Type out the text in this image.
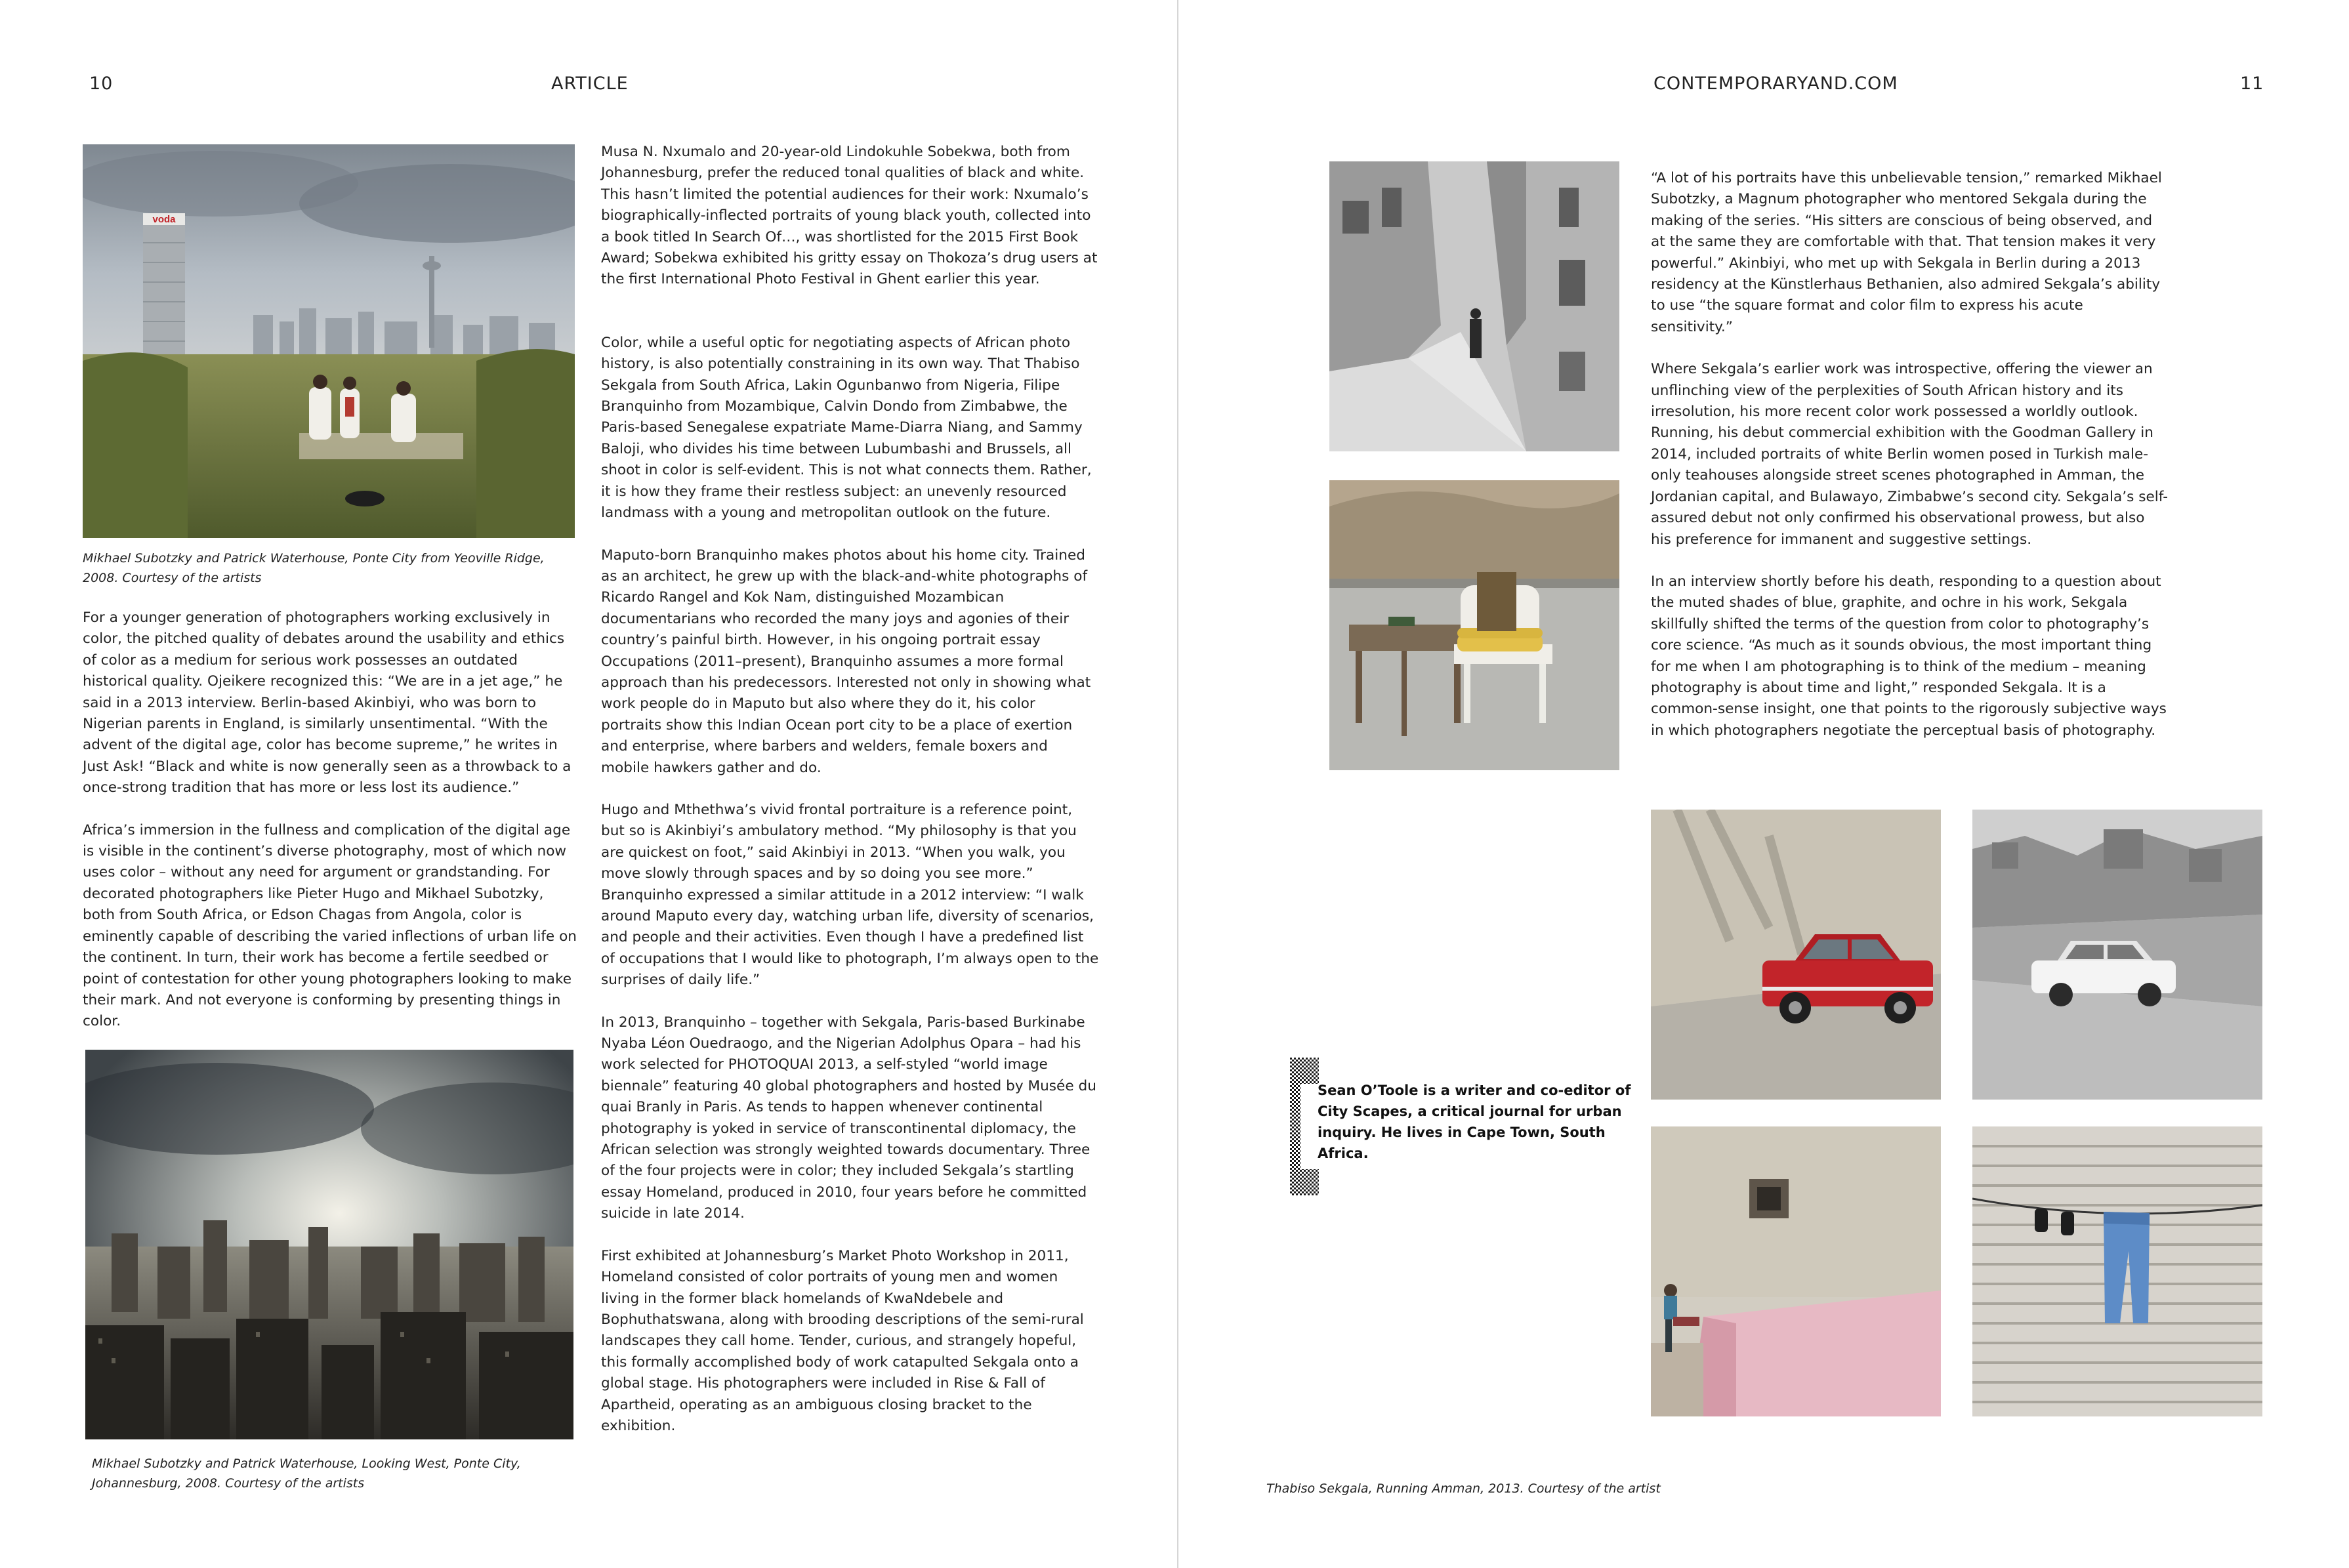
10	ARTICLE

voda

Mikhael Subotzky and Patrick Waterhouse, Ponte City from Yeoville Ridge, 2008. Courtesy of the artists

For a younger generation of photographers working exclusively in color, the pitched quality of debates around the usability and ethics of color as a medium for serious work possesses an outdated historical quality. Ojeikere recognized this: “We are in a jet age,” he said in a 2013 interview. Berlin-based Akinbiyi, who was born to Nigerian parents in England, is similarly unsentimental. “With the advent of the digital age, color has become supreme,” he writes in Just Ask! “Black and white is now generally seen as a throwback to a once-strong tradition that has more or less lost its audience.”

Africa’s immersion in the fullness and complication of the digital age is visible in the continent’s diverse photography, most of which now uses color – without any need for argument or grandstanding. For decorated photographers like Pieter Hugo and Mikhael Subotzky, both from South Africa, or Edson Chagas from Angola, color is eminently capable of describing the varied inflections of urban life on the continent. In turn, their work has become a fertile seedbed or point of contestation for other young photographers looking to make their mark. And not everyone is conforming by presenting things in color.

Mikhael Subotzky and Patrick Waterhouse, Looking West, Ponte City, Johannesburg, 2008. Courtesy of the artists

Musa N. Nxumalo and 20-year-old Lindokuhle Sobekwa, both from Johannesburg, prefer the reduced tonal qualities of black and white. This hasn’t limited the potential audiences for their work: Nxumalo’s biographically-inflected portraits of young black youth, collected into a book titled In Search Of…, was shortlisted for the 2015 First Book Award; Sobekwa exhibited his gritty essay on Thokoza’s drug users at the first International Photo Festival in Ghent earlier this year.

Color, while a useful optic for negotiating aspects of African photo history, is also potentially constraining in its own way. That Thabiso Sekgala from South Africa, Lakin Ogunbanwo from Nigeria, Filipe Branquinho from Mozambique, Calvin Dondo from Zimbabwe, the Paris-based Senegalese expatriate Mame-Diarra Niang, and Sammy Baloji, who divides his time between Lubumbashi and Brussels, all shoot in color is self-evident. This is not what connects them. Rather, it is how they frame their restless subject: an unevenly resourced landmass with a young and metropolitan outlook on the future.

Maputo-born Branquinho makes photos about his home city. Trained as an architect, he grew up with the black-and-white photographs of Ricardo Rangel and Kok Nam, distinguished Mozambican documentarians who recorded the many joys and agonies of their country’s painful birth. However, in his ongoing portrait essay Occupations (2011–present), Branquinho assumes a more formal approach than his predecessors. Interested not only in showing what work people do in Maputo but also where they do it, his color portraits show this Indian Ocean port city to be a place of exertion and enterprise, where barbers and welders, female boxers and mobile hawkers gather and do.

Hugo and Mthethwa’s vivid frontal portraiture is a reference point, but so is Akinbiyi’s ambulatory method. “My philosophy is that you are quickest on foot,” said Akinbiyi in 2013. “When you walk, you move slowly through spaces and by so doing you see more.” Branquinho expressed a similar attitude in a 2012 interview: “I walk around Maputo every day, watching urban life, diversity of scenarios, and people and their activities. Even though I have a predefined list of occupations that I would like to photograph, I’m always open to the surprises of daily life.”

In 2013, Branquinho – together with Sekgala, Paris-based Burkinabe Nyaba Léon Ouedraogo, and the Nigerian Adolphus Opara – had his work selected for PHOTOQUAI 2013, a self-styled “world image biennale” featuring 40 global photographers and hosted by Musée du quai Branly in Paris. As tends to happen whenever continental photography is yoked in service of transcontinental diplomacy, the African selection was strongly weighted towards documentary. Three of the four projects were in color; they included Sekgala’s startling essay Homeland, produced in 2010, four years before he committed suicide in late 2014.

First exhibited at Johannesburg’s Market Photo Workshop in 2011, Homeland consisted of color portraits of young men and women living in the former black homelands of KwaNdebele and Bophuthatswana, along with brooding descriptions of the semi-rural landscapes they call home. Tender, curious, and strangely hopeful, this formally accomplished body of work catapulted Sekgala onto a global stage. His photographers were included in Rise & Fall of Apartheid, operating as an ambiguous closing bracket to the exhibition.

CONTEMPORARYAND.COM	11

“A lot of his portraits have this unbelievable tension,” remarked Mikhael Subotzky, a Magnum photographer who mentored Sekgala during the making of the series. “His sitters are conscious of being observed, and at the same they are comfortable with that. That tension makes it very powerful.” Akinbiyi, who met up with Sekgala in Berlin during a 2013 residency at the Künstlerhaus Bethanien, also admired Sekgala’s ability to use “the square format and color film to express his acute sensitivity.”

Where Sekgala’s earlier work was introspective, offering the viewer an unflinching view of the perplexities of South African history and its irresolution, his more recent color work possessed a worldly outlook. Running, his debut commercial exhibition with the Goodman Gallery in 2014, included portraits of white Berlin women posed in Turkish male-only teahouses alongside street scenes photographed in Amman, the Jordanian capital, and Bulawayo, Zimbabwe’s second city. Sekgala’s self-assured debut not only confirmed his observational prowess, but also his preference for immanent and suggestive settings.

In an interview shortly before his death, responding to a question about the muted shades of blue, graphite, and ochre in his work, Sekgala skillfully shifted the terms of the question from color to photography’s core science. “As much as it sounds obvious, the most important thing for me when I am photographing is to think of the medium – meaning photography is about time and light,” responded Sekgala. It is a common-sense insight, one that points to the rigorously subjective ways in which photographers negotiate the perceptual basis of photography.

Sean O’Toole is a writer and co-editor of City Scapes, a critical journal for urban inquiry. He lives in Cape Town, South Africa.

Thabiso Sekgala, Running Amman, 2013. Courtesy of the artist
